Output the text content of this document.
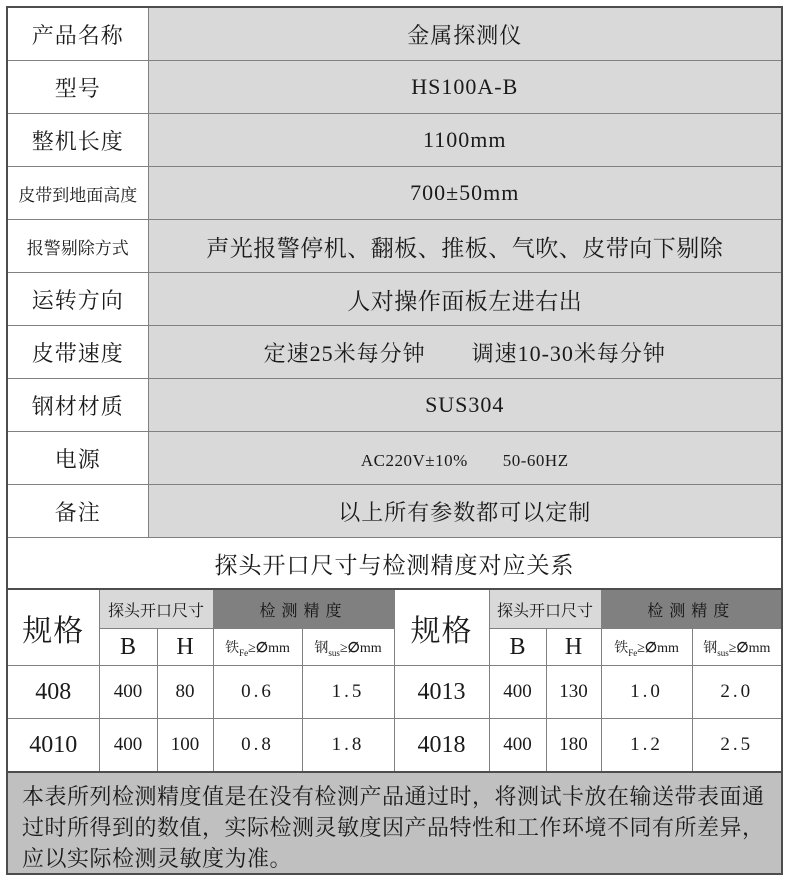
产品名称	金属探测仪
型号	HS100A-B
整机长度	1100mm
皮带到地面高度	700±50mm
报警剔除方式	声光报警停机、翻板、推板、气吹、皮带向下剔除
运转方向	人对操作面板左进右出
皮带速度	定速25米每分钟　　调速10-30米每分钟
钢材材质	SUS304
电源	AC220V±10%　　50-60HZ
备注	以上所有参数都可以定制
探头开口尺寸与检测精度对应关系	
规格	探头开口尺寸		检测精度		规格	探头开口尺寸		检测精度	
	B	H	铁$_{Fe}$≥∅mm	钢$_{sus}$≥∅mm		B	H	铁$_{Fe}$≥∅mm	钢$_{sus}$≥∅mm
408	400	80	0.6	1.5	4013	400	130	1.0	2.0
4010	400	100	0.8	1.8	4018	400	180	1.2	2.5
本表所列检测精度值是在没有检测产品通过时，将测试卡放在输送带表面通过时所得到的数值，实际检测灵敏度因产品特性和工作环境不同有所差异，应以实际检测灵敏度为准。
